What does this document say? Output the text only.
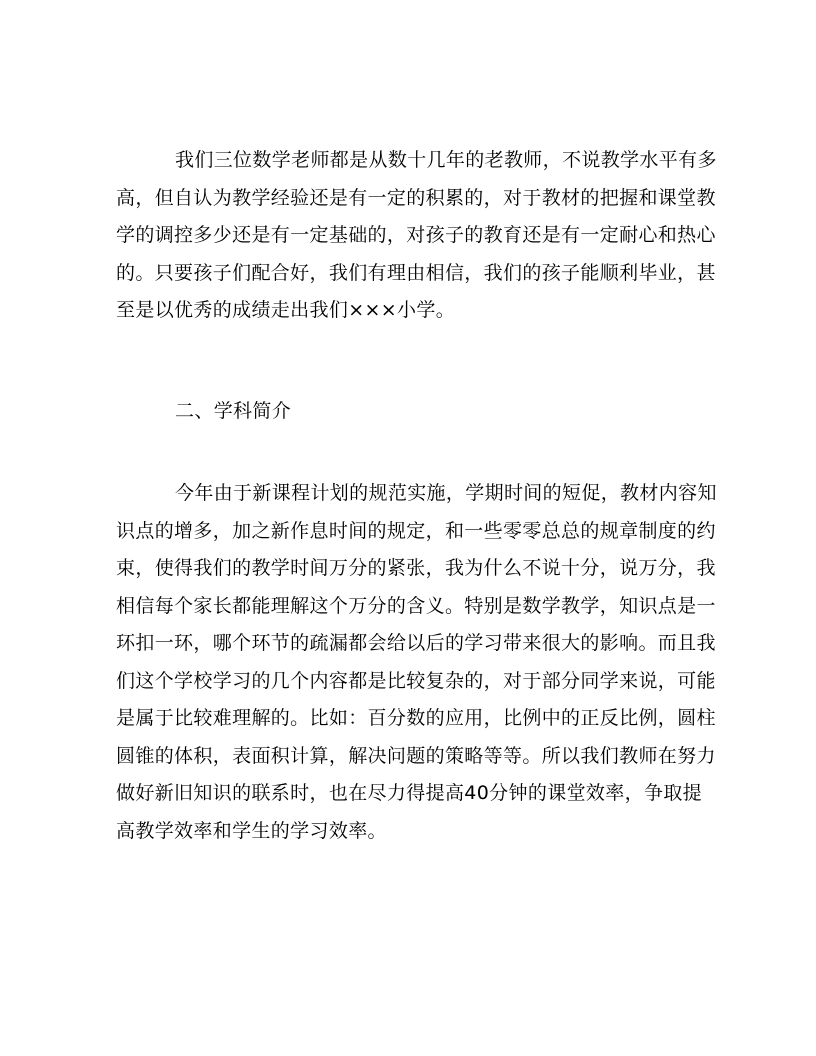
我们三位数学老师都是从数十几年的老教师，不说教学水平有多
高，但自认为教学经验还是有一定的积累的，对于教材的把握和课堂教
学的调控多少还是有一定基础的，对孩子的教育还是有一定耐心和热心
的。只要孩子们配合好，我们有理由相信，我们的孩子能顺利毕业，甚
至是以优秀的成绩走出我们×××小学。
二、学科简介
今年由于新课程计划的规范实施，学期时间的短促，教材内容知
识点的增多，加之新作息时间的规定，和一些零零总总的规章制度的约
束，使得我们的教学时间万分的紧张，我为什么不说十分，说万分，我
相信每个家长都能理解这个万分的含义。特别是数学教学，知识点是一
环扣一环，哪个环节的疏漏都会给以后的学习带来很大的影响。而且我
们这个学校学习的几个内容都是比较复杂的，对于部分同学来说，可能
是属于比较难理解的。比如：百分数的应用，比例中的正反比例，圆柱
圆锥的体积，表面积计算，解决问题的策略等等。所以我们教师在努力
做好新旧知识的联系时，也在尽力得提高40分钟的课堂效率，争取提
高教学效率和学生的学习效率。
